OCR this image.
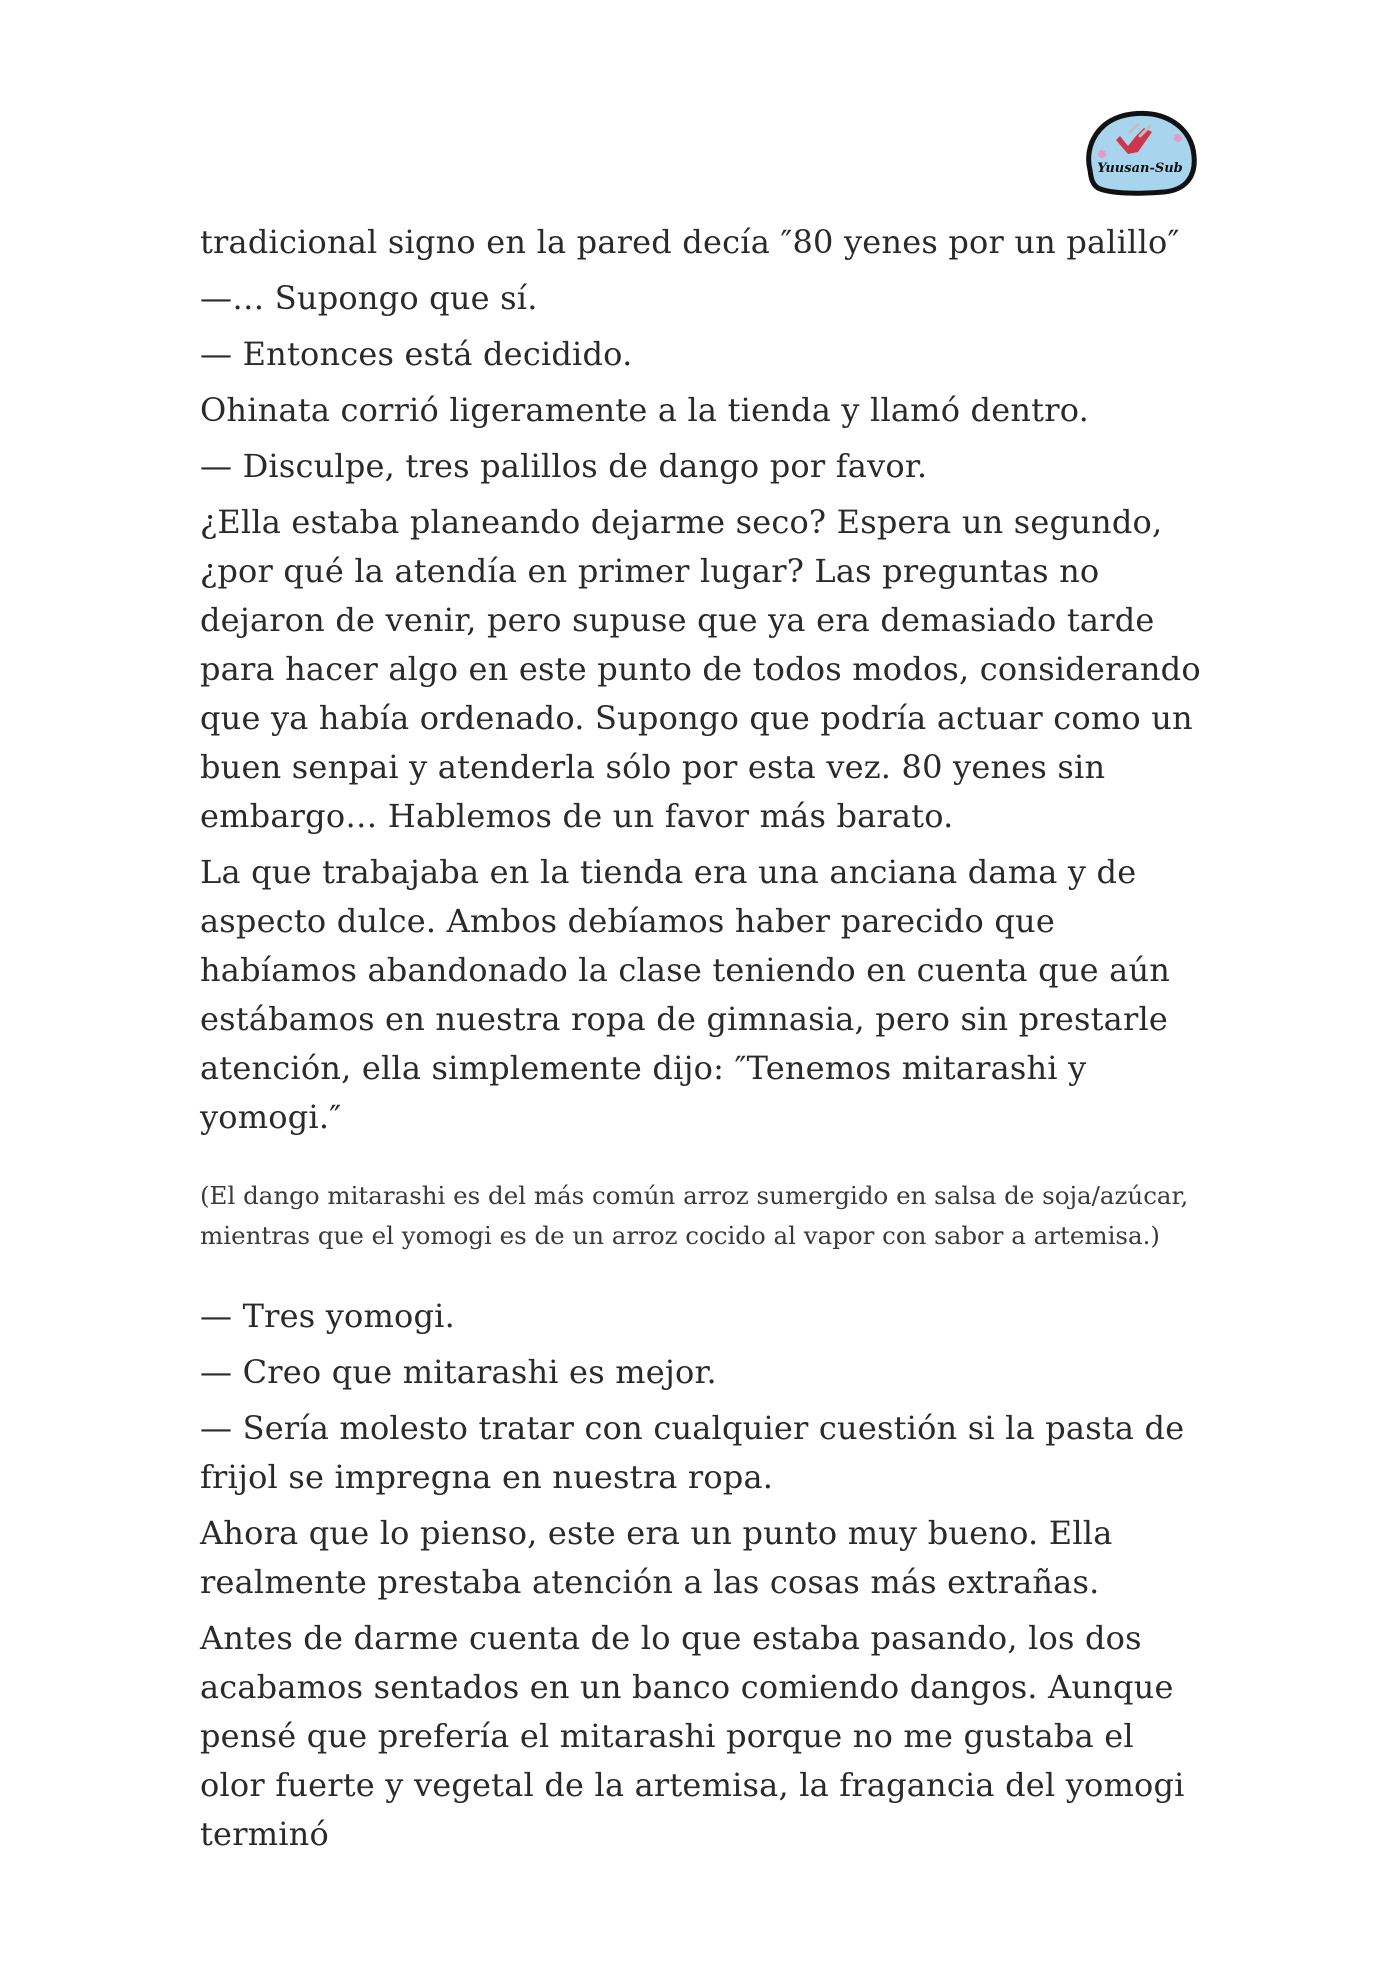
Yuusan-Sub

tradicional signo en la pared decía ″80 yenes por un palillo″

—… Supongo que sí.

— Entonces está decidido.

Ohinata corrió ligeramente a la tienda y llamó dentro.

— Disculpe, tres palillos de dango por favor.

¿Ella estaba planeando dejarme seco? Espera un segundo, ¿por qué la atendía en primer lugar? Las preguntas no dejaron de venir, pero supuse que ya era demasiado tarde para hacer algo en este punto de todos modos, considerando que ya había ordenado. Supongo que podría actuar como un buen senpai y atenderla sólo por esta vez. 80 yenes sin embargo… Hablemos de un favor más barato.

La que trabajaba en la tienda era una anciana dama y de aspecto dulce. Ambos debíamos haber parecido que habíamos abandonado la clase teniendo en cuenta que aún estábamos en nuestra ropa de gimnasia, pero sin prestarle atención, ella simplemente dijo: ″Tenemos mitarashi y yomogi.″

(El dango mitarashi es del más común arroz sumergido en salsa de soja/azúcar, mientras que el yomogi es de un arroz cocido al vapor con sabor a artemisa.)

— Tres yomogi.

— Creo que mitarashi es mejor.

— Sería molesto tratar con cualquier cuestión si la pasta de frijol se impregna en nuestra ropa.

Ahora que lo pienso, este era un punto muy bueno. Ella realmente prestaba atención a las cosas más extrañas.

Antes de darme cuenta de lo que estaba pasando, los dos acabamos sentados en un banco comiendo dangos. Aunque pensé que prefería el mitarashi porque no me gustaba el olor fuerte y vegetal de la artemisa, la fragancia del yomogi terminó
